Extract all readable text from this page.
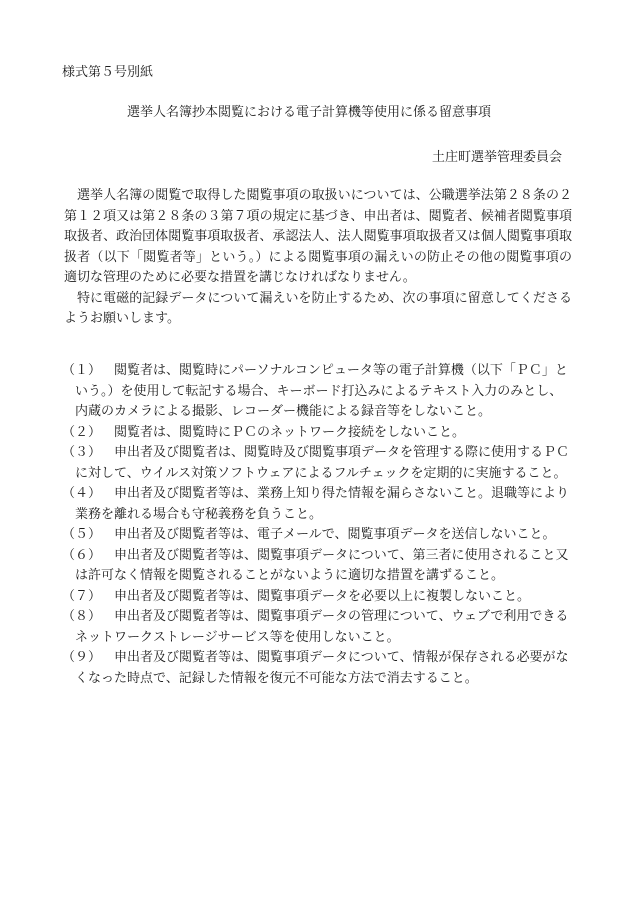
様式第５号別紙
選挙人名簿抄本閲覧における電子計算機等使用に係る留意事項
土庄町選挙管理委員会

選挙人名簿の閲覧で取得した閲覧事項の取扱いについては、公職選挙法第２８条の２第１２項又は第２８条の３第７項の規定に基づき、申出者は、閲覧者、候補者閲覧事項取扱者、政治団体閲覧事項取扱者、承認法人、法人閲覧事項取扱者又は個人閲覧事項取扱者（以下「閲覧者等」という。）による閲覧事項の漏えいの防止その他の閲覧事項の適切な管理のために必要な措置を講じなければなりません。

特に電磁的記録データについて漏えいを防止するため、次の事項に留意してくださるようお願いします。

（１） 閲覧者は、閲覧時にパーソナルコンピュータ等の電子計算機（以下「ＰＣ」という。）を使用して転記する場合、キーボード打込みによるテキスト入力のみとし、内蔵のカメラによる撮影、レコーダー機能による録音等をしないこと。
（２） 閲覧者は、閲覧時にＰＣのネットワーク接続をしないこと。
（３） 申出者及び閲覧者は、閲覧時及び閲覧事項データを管理する際に使用するＰＣに対して、ウイルス対策ソフトウェアによるフルチェックを定期的に実施すること。
（４） 申出者及び閲覧者等は、業務上知り得た情報を漏らさないこと。退職等により業務を離れる場合も守秘義務を負うこと。
（５） 申出者及び閲覧者等は、電子メールで、閲覧事項データを送信しないこと。
（６） 申出者及び閲覧者等は、閲覧事項データについて、第三者に使用されること又は許可なく情報を閲覧されることがないように適切な措置を講ずること。
（７） 申出者及び閲覧者等は、閲覧事項データを必要以上に複製しないこと。
（８） 申出者及び閲覧者等は、閲覧事項データの管理について、ウェブで利用できるネットワークストレージサービス等を使用しないこと。
（９） 申出者及び閲覧者等は、閲覧事項データについて、情報が保存される必要がなくなった時点で、記録した情報を復元不可能な方法で消去すること。
